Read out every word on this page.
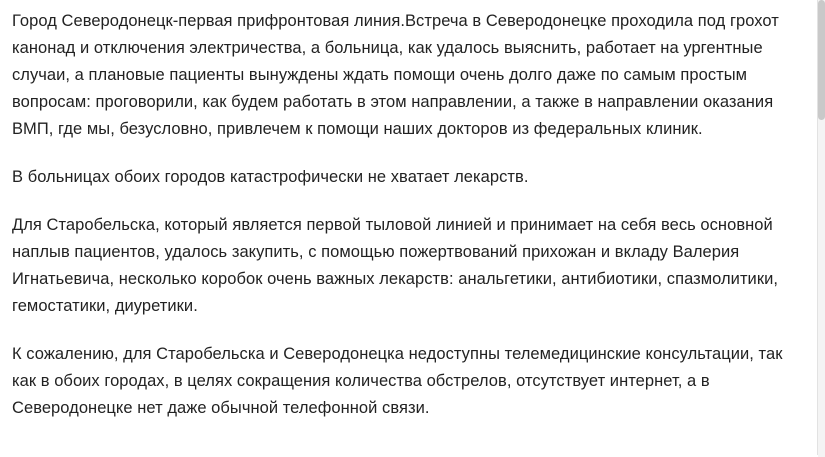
Город Северодонецк-первая прифронтовая линия.Встреча в Северодонецке проходила под грохот канонад и отключения электричества, а больница, как удалось выяснить, работает на ургентные случаи, а плановые пациенты вынуждены ждать помощи очень долго даже по самым простым вопросам: проговорили, как будем работать в этом направлении, а также в направлении оказания ВМП, где мы, безусловно, привлечем к помощи наших докторов из федеральных клиник.

В больницах обоих городов катастрофически не хватает лекарств.

Для Старобельска, который является первой тыловой линией и принимает на себя весь основной наплыв пациентов, удалось закупить, с помощью пожертвований прихожан и вкладу Валерия Игнатьевича, несколько коробок очень важных лекарств: анальгетики, антибиотики, спазмолитики, гемостатики, диуретики.

К сожалению, для Старобельска и Северодонецка недоступны телемедицинские консультации, так как в обоих городах, в целях сокращения количества обстрелов, отсутствует интернет, а в Северодонецке нет даже обычной телефонной связи.
